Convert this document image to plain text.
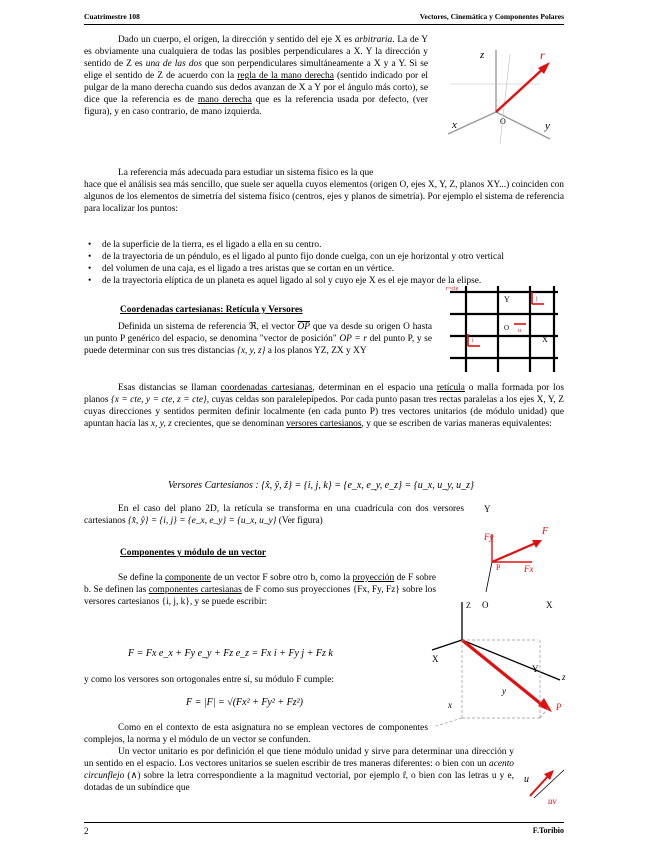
Cuatrimestre 108	Vectores, Cinemática y Componentes Polares

Dado un cuerpo, el origen, la dirección y sentido del eje X es arbitraria. La de Y es obviamente una cualquiera de todas las posibles perpendiculares a X. Y la dirección y sentido de Z es una de las dos que son perpendiculares simultáneamente a X y a Y. Si se elige el sentido de Z de acuerdo con la regla de la mano derecha (sentido indicado por el pulgar de la mano derecha cuando sus dedos avanzan de X a Y por el ángulo más corto), se dice que la referencia es de mano derecha que es la referencia usada por defecto, (ver figura), y en caso contrario, de mano izquierda.

La referencia más adecuada para estudiar un sistema físico es la que

hace que el análisis sea más sencillo, que suele ser aquella cuyos elementos (origen O, ejes X, Y, Z, planos XY...) coinciden con algunos de los elementos de simetría del sistema físico (centros, ejes y planos de simetría). Por ejemplo el sistema de referencia para localizar los puntos:

• de la superficie de la tierra, es el ligado a ella en su centro.
• de la trayectoria de un péndulo, es el ligado al punto fijo donde cuelga, con un eje horizontal y otro vertical
• del volumen de una caja, es el ligado a tres aristas que se cortan en un vértice.
• de la trayectoria elíptica de un planeta es aquel ligado al sol y cuyo eje X es el eje mayor de la elipse.
r
z
x	y
O

Coordenadas cartesianas: Retícula y Versores

Definida un sistema de referencia ℜ, el vector $\overline{OP}$ que va desde su origen O hasta un punto P genérico del espacio, se denomina "vector de posición" OP = r del punto P, y se puede determinar con sus tres distancias {x, y, z} a los planos YZ, ZX y XY

Esas distancias se llaman coordenadas cartesianas, determinan en el espacio una retícula o malla formada por los planos {x = cte, y = cte, z = cte}, cuyas celdas son paralelepípedos. Por cada punto pasan tres rectas paralelas a los ejes X, Y, Z cuyas direcciones y sentidos permiten definir localmente (en cada punto P) tres vectores unitarios (de módulo unidad) que apuntan hacia las x, y, z crecientes, que se denominan versores cartesianos, y que se escriben de varias maneras equivalentes:

r=cte
Y
X
O
j
i
u
Versores Cartesianos : {x̂, ŷ, ẑ} = {i, j, k} = {e_x, e_y, e_z} = {u_x, u_y, u_z}

En el caso del plano 2D, la retícula se transforma en una cuadrícula con dos versores cartesianos {x̂, ŷ} = {i, j} = {e_x, e_y} = {u_x, u_y} (Ver figura)

Y
X
O
Fy	F
Fx
P

Componentes y módulo de un vector

Se define la componente de un vector F sobre otro b, como la proyección de F sobre b. Se definen las componentes cartesianas de F como sus proyecciones {Fx, Fy, Fz} sobre los versores cartesianos {i, j, k}, y se puede escribir:

F = Fx e_x + Fy e_y + Fz e_z = Fx i + Fy j + Fz k

y como los versores son ortogonales entre sí, su módulo F cumple:

F = |F| = √(Fx² + Fy² + Fz²)

Como en el contexto de esta asignatura no se emplean vectores de componentes complejos, la norma y el módulo de un vector se confunden.

Un vector unitario es por definición el que tiene módulo unidad y sirve para determinar una dirección y un sentido en el espacio. Los vectores unitarios se suelen escribir de tres maneras diferentes: o bien con un acento circunflejo (∧) sobre la letra correspondiente a la magnitud vectorial, por ejemplo r̂, o bien con las letras u y e, dotadas de un subíndice que

Z
X
Y
z
x
y
P
u
uv
2	F.Toribio
